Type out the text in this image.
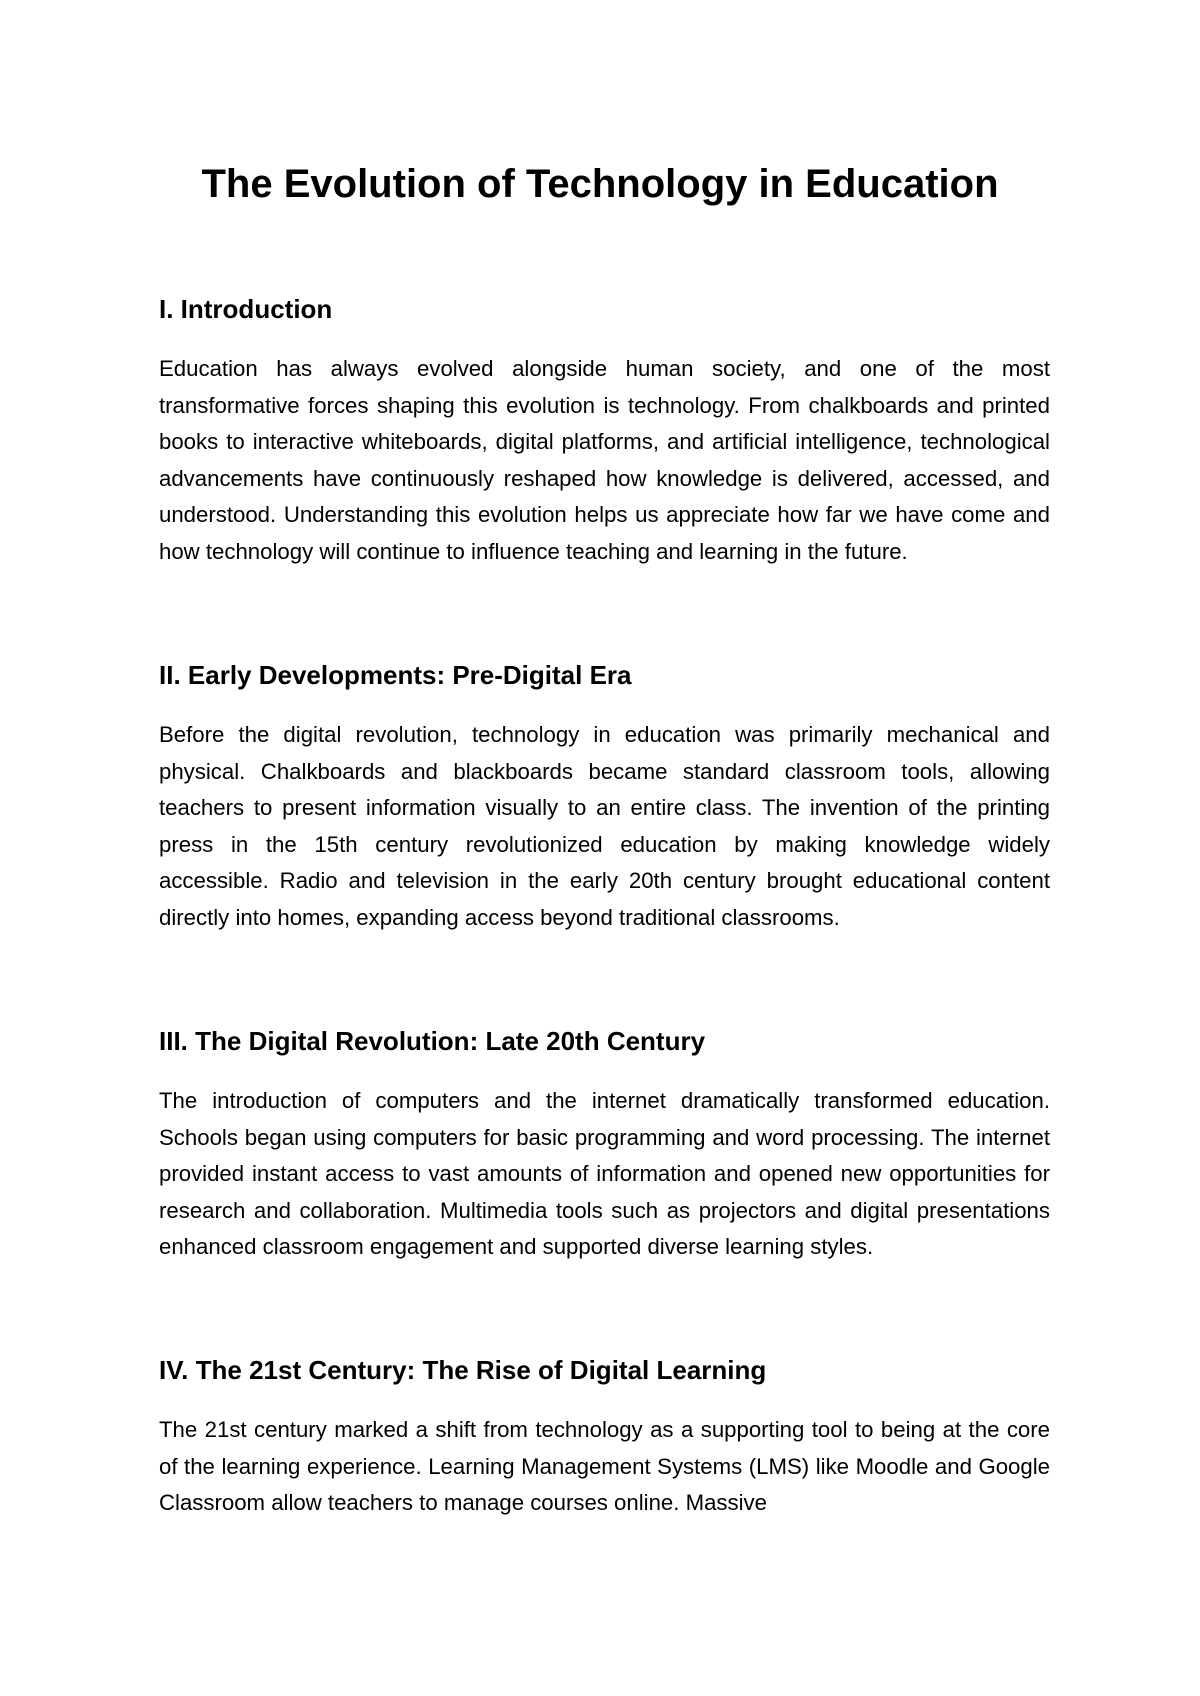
The Evolution of Technology in Education
I. Introduction

Education has always evolved alongside human society, and one of the most transformative forces shaping this evolution is technology. From chalkboards and printed books to interactive whiteboards, digital platforms, and artificial intelligence, technological advancements have continuously reshaped how knowledge is delivered, accessed, and understood. Understanding this evolution helps us appreciate how far we have come and how technology will continue to influence teaching and learning in the future.

II. Early Developments: Pre-Digital Era

Before the digital revolution, technology in education was primarily mechanical and physical. Chalkboards and blackboards became standard classroom tools, allowing teachers to present information visually to an entire class. The invention of the printing press in the 15th century revolutionized education by making knowledge widely accessible. Radio and television in the early 20th century brought educational content directly into homes, expanding access beyond traditional classrooms.

III. The Digital Revolution: Late 20th Century

The introduction of computers and the internet dramatically transformed education. Schools began using computers for basic programming and word processing. The internet provided instant access to vast amounts of information and opened new opportunities for research and collaboration. Multimedia tools such as projectors and digital presentations enhanced classroom engagement and supported diverse learning styles.

IV. The 21st Century: The Rise of Digital Learning

The 21st century marked a shift from technology as a supporting tool to being at the core of the learning experience. Learning Management Systems (LMS) like Moodle and Google Classroom allow teachers to manage courses online. Massive
